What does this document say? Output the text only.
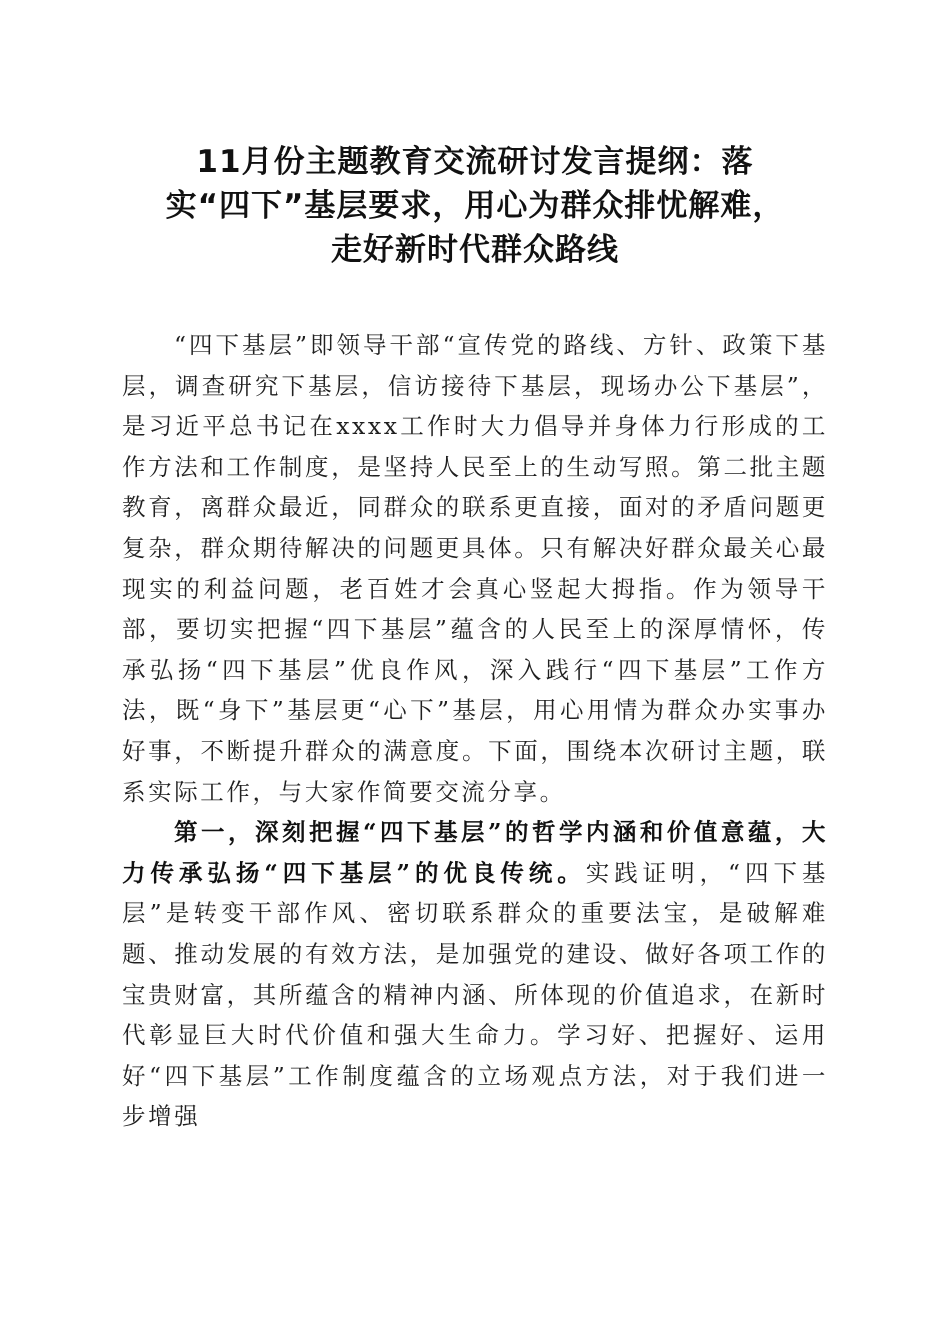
11月份主题教育交流研讨发言提纲：落
实“四下”基层要求，用心为群众排忧解难，
走好新时代群众路线

“四下基层”即领导干部“宣传党的路线、方针、政策下基层，调查研究下基层，信访接待下基层，现场办公下基层”，是习近平总书记在xxxx工作时大力倡导并身体力行形成的工作方法和工作制度，是坚持人民至上的生动写照。第二批主题教育，离群众最近，同群众的联系更直接，面对的矛盾问题更复杂，群众期待解决的问题更具体。只有解决好群众最关心最现实的利益问题，老百姓才会真心竖起大拇指。作为领导干部，要切实把握“四下基层”蕴含的人民至上的深厚情怀，传承弘扬“四下基层”优良作风，深入践行“四下基层”工作方法，既“身下”基层更“心下”基层，用心用情为群众办实事办好事，不断提升群众的满意度。下面，围绕本次研讨主题，联系实际工作，与大家作简要交流分享。

第一，深刻把握“四下基层”的哲学内涵和价值意蕴，大力传承弘扬“四下基层”的优良传统。实践证明，“四下基层”是转变干部作风、密切联系群众的重要法宝，是破解难题、推动发展的有效方法，是加强党的建设、做好各项工作的宝贵财富，其所蕴含的精神内涵、所体现的价值追求，在新时代彰显巨大时代价值和强大生命力。学习好、把握好、运用好“四下基层”工作制度蕴含的立场观点方法，对于我们进一步增强
